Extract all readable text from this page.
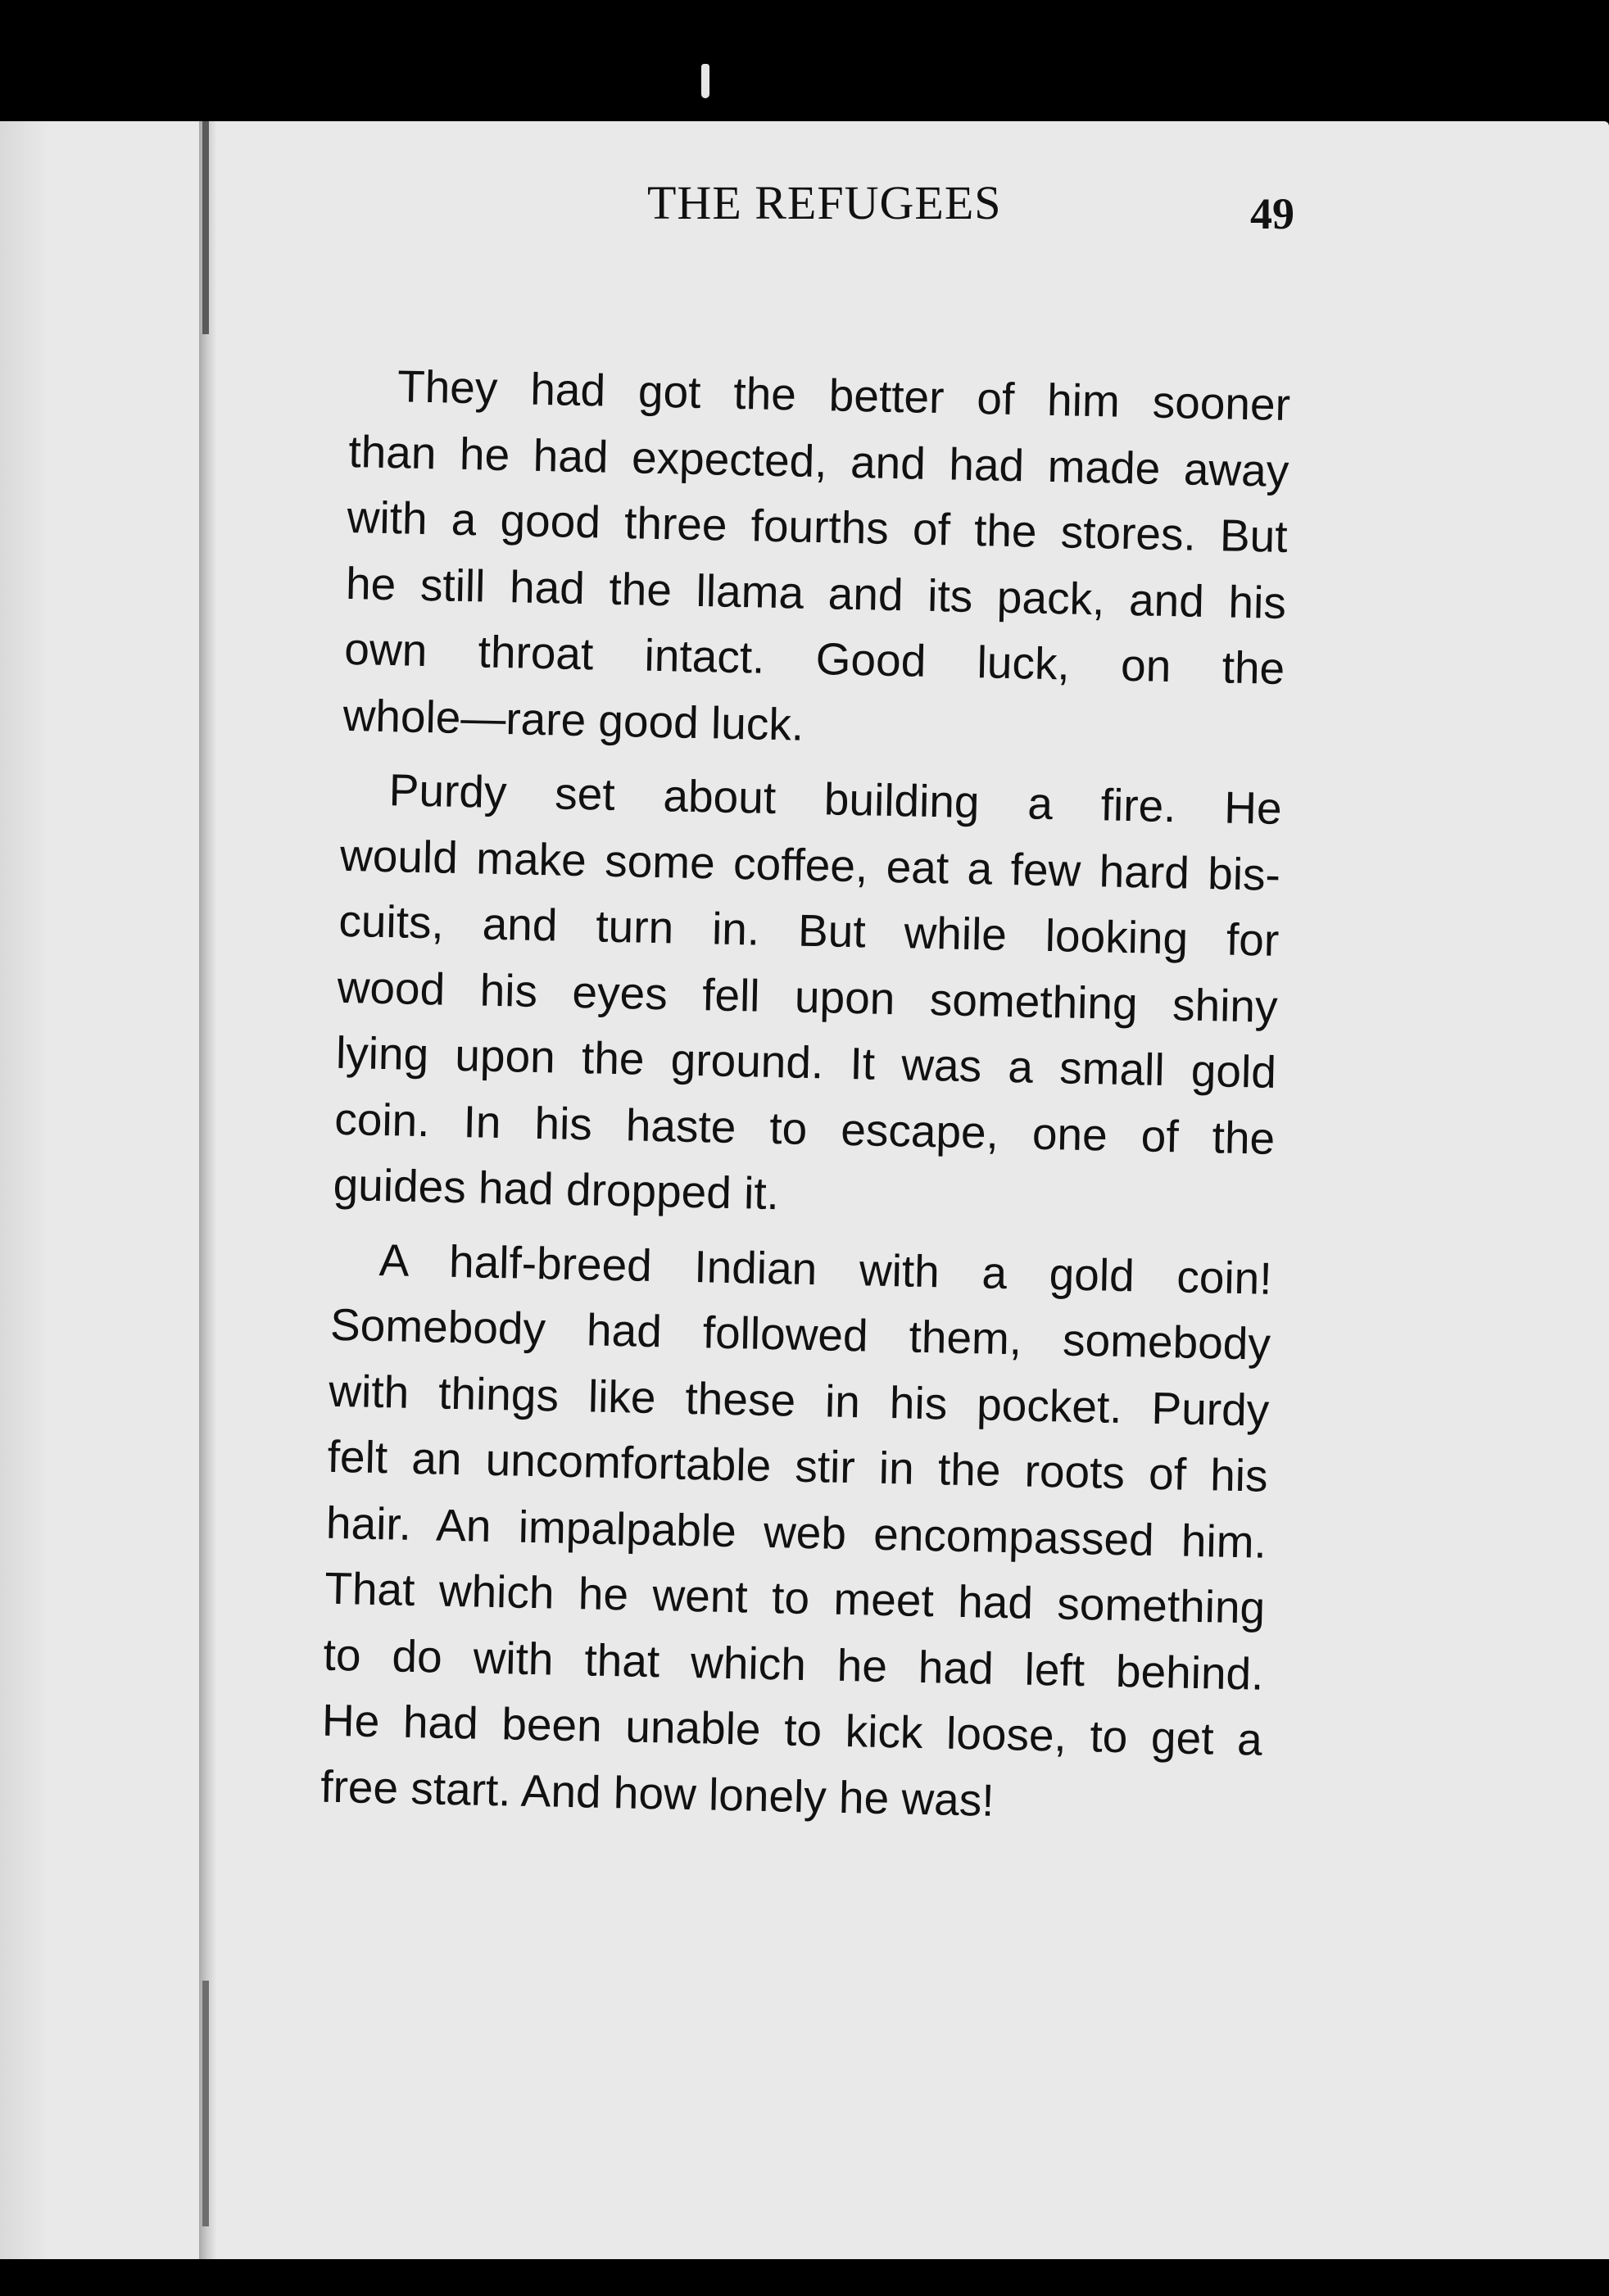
THE REFUGEES	49
They had got the better of him sooner
than he had expected, and had made away
with a good three fourths of the stores. But
he still had the llama and its pack, and his
own throat intact. Good luck, on the
whole—rare good luck.
Purdy set about building a fire. He
would make some coffee, eat a few hard bis-
cuits, and turn in. But while looking for
wood his eyes fell upon something shiny
lying upon the ground. It was a small gold
coin. In his haste to escape, one of the
guides had dropped it.
A half-breed Indian with a gold coin!
Somebody had followed them, somebody
with things like these in his pocket. Purdy
felt an uncomfortable stir in the roots of his
hair. An impalpable web encompassed him.
That which he went to meet had something
to do with that which he had left behind.
He had been unable to kick loose, to get a
free start. And how lonely he was!
